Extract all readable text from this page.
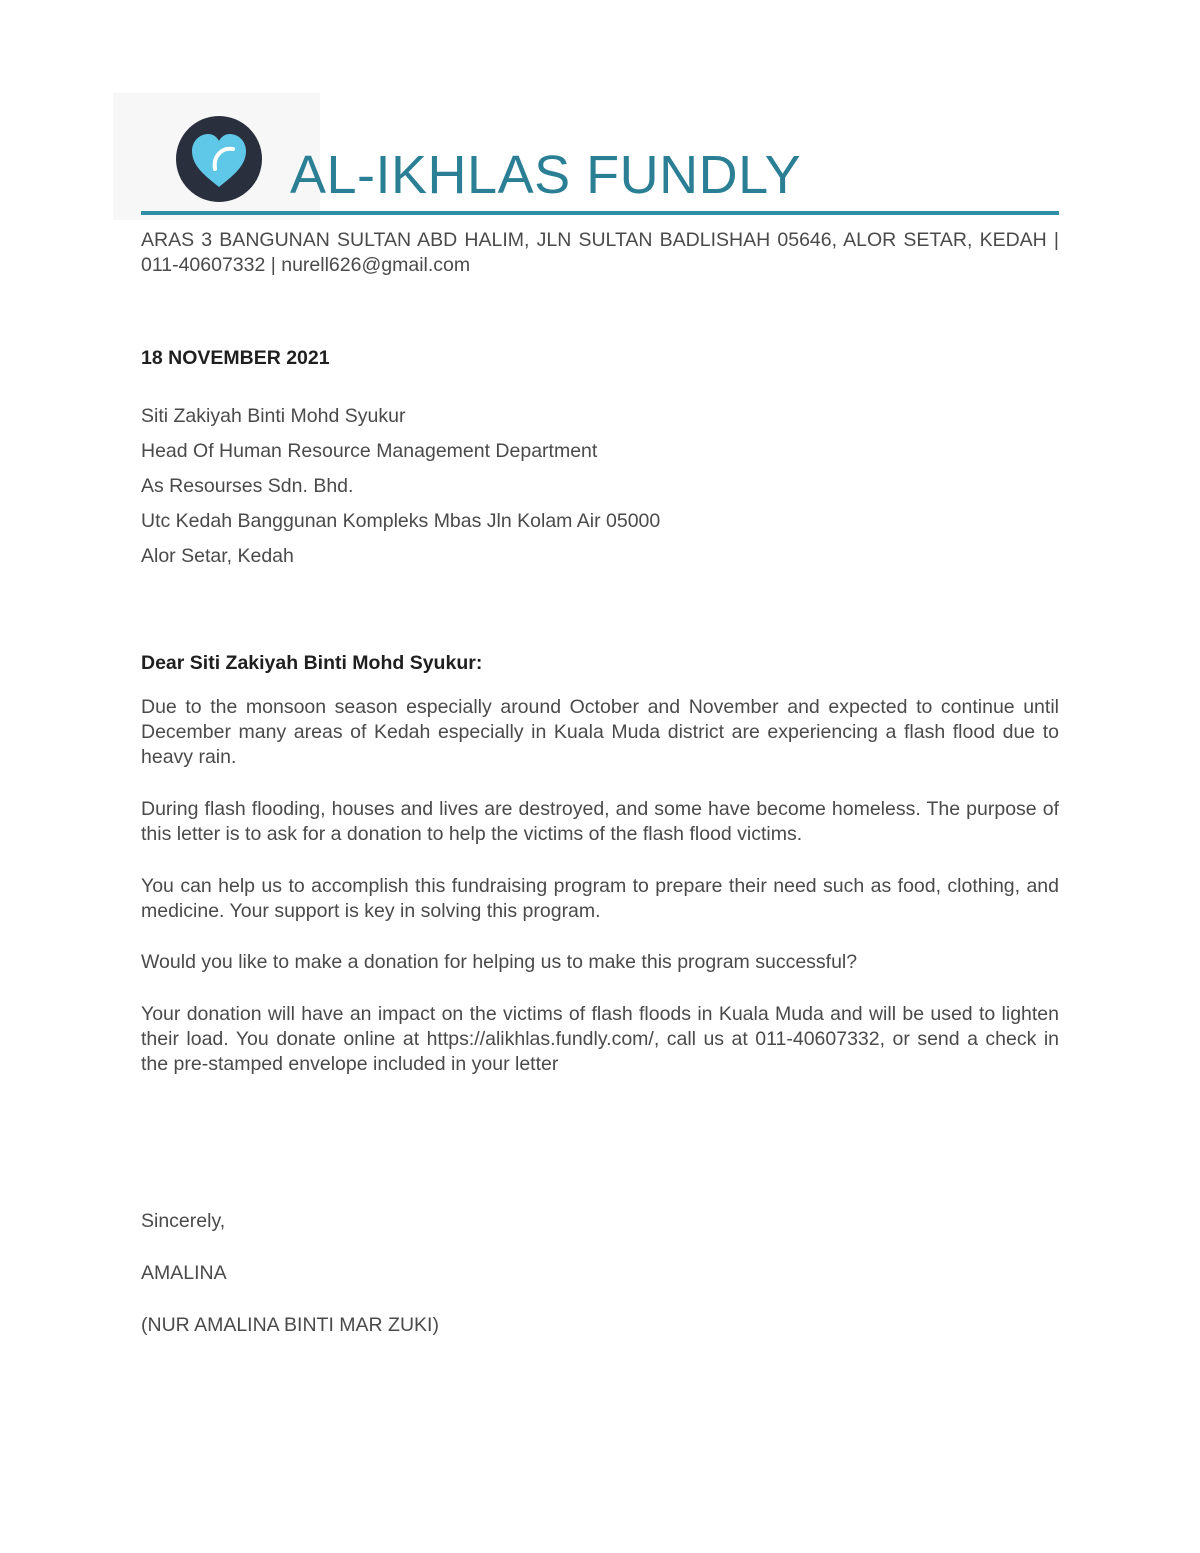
AL-IKHLAS FUNDLY
ARAS 3 BANGUNAN SULTAN ABD HALIM, JLN SULTAN BADLISHAH 05646, ALOR SETAR, KEDAH | 011-40607332 | nurell626@gmail.com
18 NOVEMBER 2021
Siti Zakiyah Binti Mohd Syukur
Head Of Human Resource Management Department
As Resourses Sdn. Bhd.
Utc Kedah Banggunan Kompleks Mbas Jln Kolam Air 05000
Alor Setar, Kedah
Dear Siti Zakiyah Binti Mohd Syukur:

Due to the monsoon season especially around October and November and expected to continue until December many areas of Kedah especially in Kuala Muda district are experiencing a flash flood due to heavy rain.

During flash flooding, houses and lives are destroyed, and some have become homeless. The purpose of this letter is to ask for a donation to help the victims of the flash flood victims.

You can help us to accomplish this fundraising program to prepare their need such as food, clothing, and medicine. Your support is key in solving this program.

Would you like to make a donation for helping us to make this program successful?

Your donation will have an impact on the victims of flash floods in Kuala Muda and will be used to lighten their load. You donate online at https://alikhlas.fundly.com/, call us at 011-40607332, or send a check in the pre-stamped envelope included in your letter

Sincerely,
AMALINA
(NUR AMALINA BINTI MAR ZUKI)
